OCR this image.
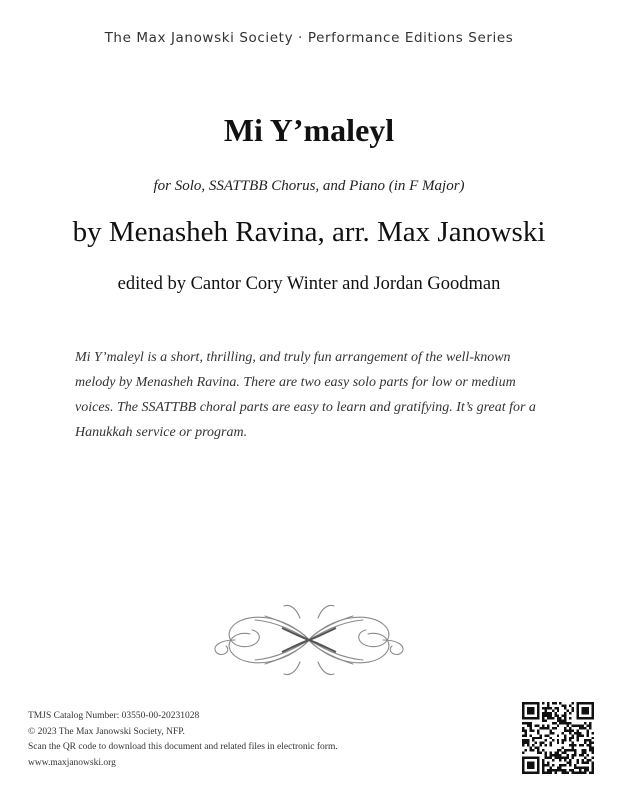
The Max Janowski Society · Performance Editions Series
Mi Y’maleyl
for Solo, SSATTBB Chorus, and Piano (in F Major)
by Menasheh Ravina, arr. Max Janowski
edited by Cantor Cory Winter and Jordan Goodman
Mi Y’maleyl is a short, thrilling, and truly fun arrangement of the well-known melody by Menasheh Ravina. There are two easy solo parts for low or medium voices. The SSATTBB choral parts are easy to learn and gratifying. It’s great for a Hanukkah service or program.
TMJS Catalog Number: 03550-00-20231028
© 2023 The Max Janowski Society, NFP.
Scan the QR code to download this document and related files in electronic form.
www.maxjanowski.org
